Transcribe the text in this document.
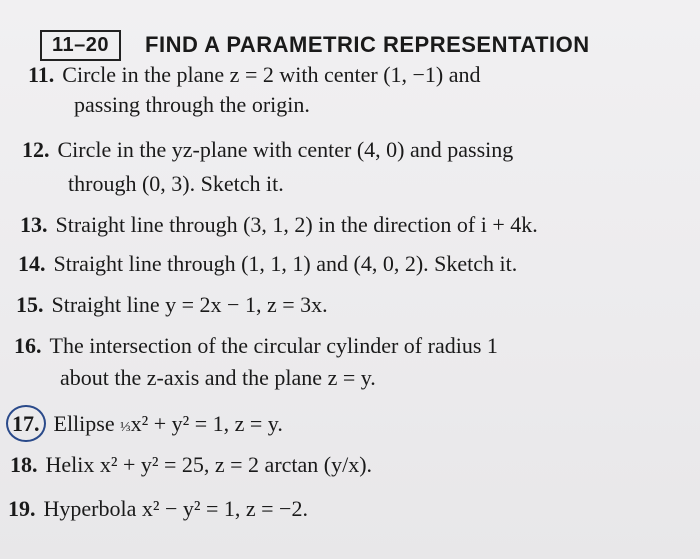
11–20	FIND A PARAMETRIC REPRESENTATION
11. Circle in the plane z = 2 with center (1, −1) and
passing through the origin.
12. Circle in the yz-plane with center (4, 0) and passing
through (0, 3). Sketch it.
13. Straight line through (3, 1, 2) in the direction of i + 4k.
14. Straight line through (1, 1, 1) and (4, 0, 2). Sketch it.
15. Straight line y = 2x − 1, z = 3x.
16. The intersection of the circular cylinder of radius 1
about the z-axis and the plane z = y.
17. Ellipse ⅓x² + y² = 1, z = y.
18. Helix x² + y² = 25, z = 2 arctan (y/x).
19. Hyperbola x² − y² = 1, z = −2.
